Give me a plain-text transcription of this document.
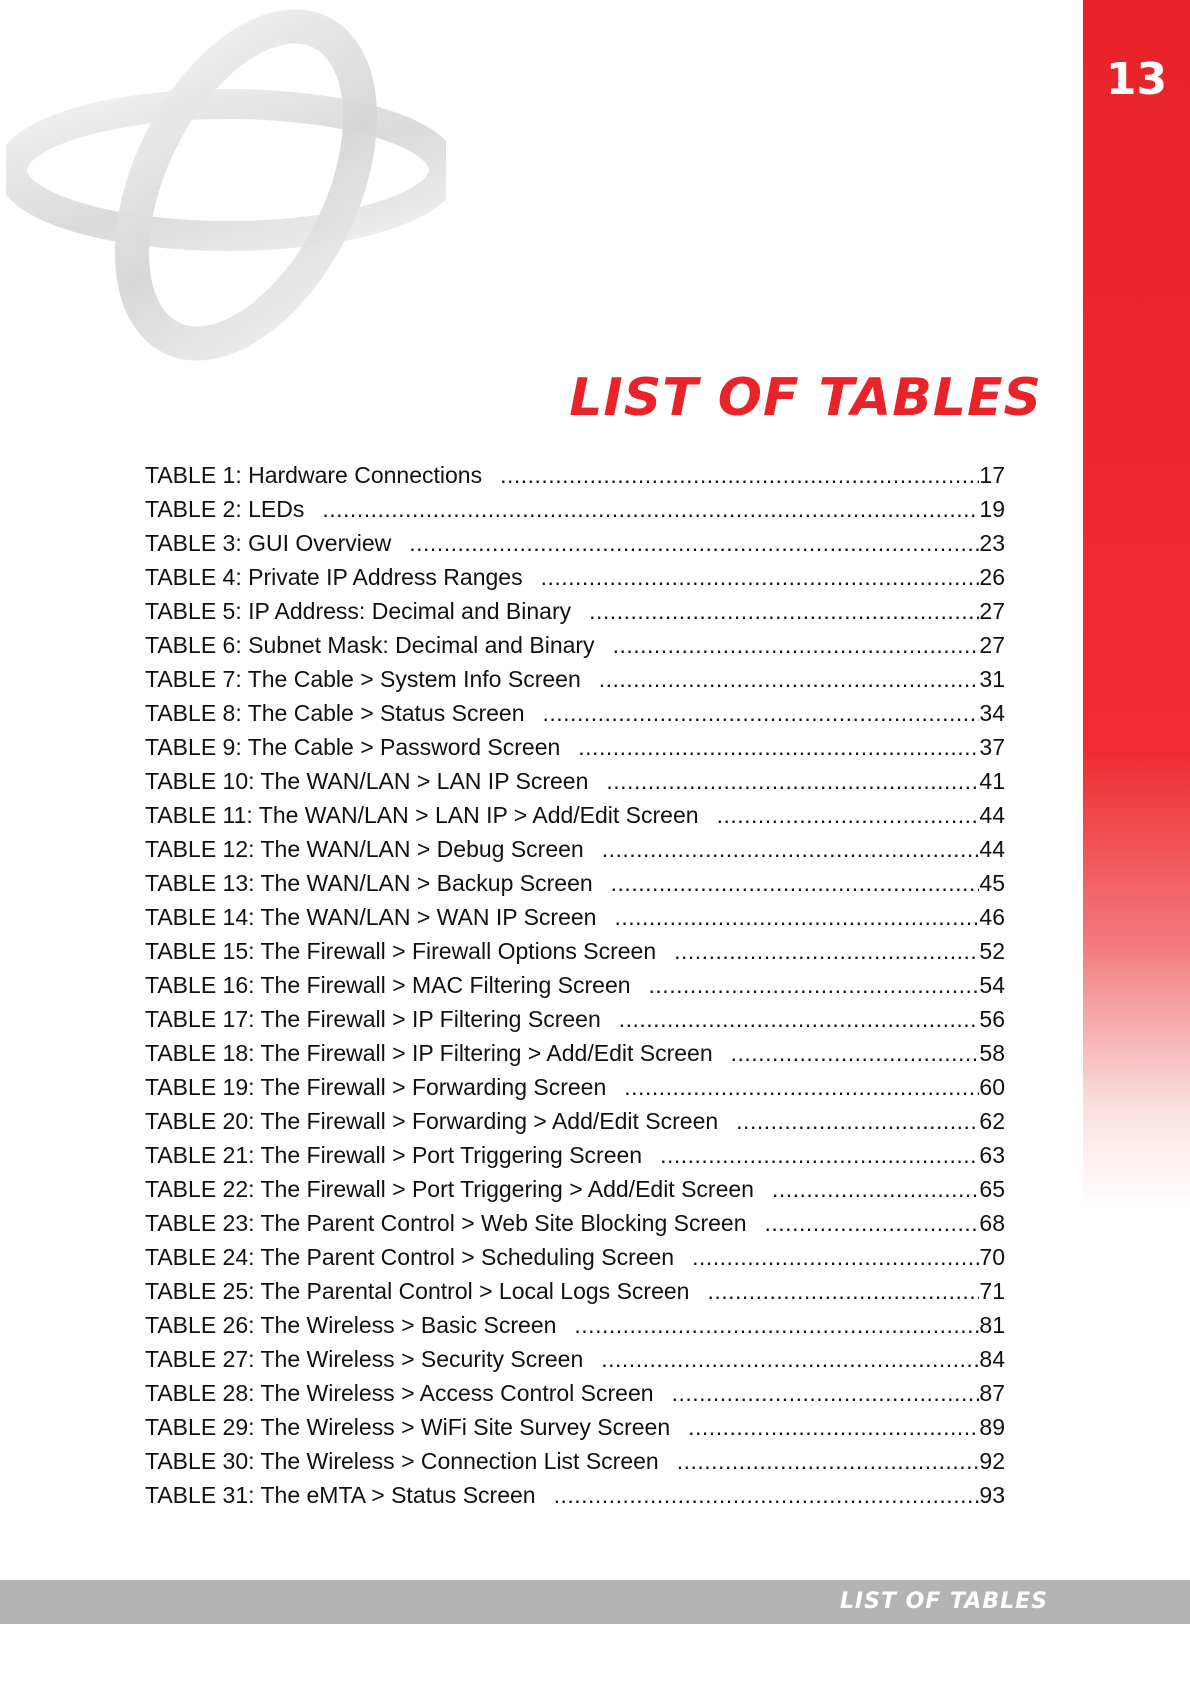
13
LIST OF TABLES
TABLE 1: Hardware Connections .....	17
TABLE 2: LEDs .....	19
TABLE 3: GUI Overview .....	23
TABLE 4: Private IP Address Ranges .....	26
TABLE 5: IP Address: Decimal and Binary .....	27
TABLE 6: Subnet Mask: Decimal and Binary .....	27
TABLE 7: The Cable > System Info Screen .....	31
TABLE 8: The Cable > Status Screen .....	34
TABLE 9: The Cable > Password Screen .....	37
TABLE 10: The WAN/LAN > LAN IP Screen .....	41
TABLE 11: The WAN/LAN > LAN IP > Add/Edit Screen .....	44
TABLE 12: The WAN/LAN > Debug Screen .....	44
TABLE 13: The WAN/LAN > Backup Screen .....	45
TABLE 14: The WAN/LAN > WAN IP Screen .....	46
TABLE 15: The Firewall > Firewall Options Screen .....	52
TABLE 16: The Firewall > MAC Filtering Screen .....	54
TABLE 17: The Firewall > IP Filtering Screen .....	56
TABLE 18: The Firewall > IP Filtering > Add/Edit Screen .....	58
TABLE 19: The Firewall > Forwarding Screen .....	60
TABLE 20: The Firewall > Forwarding > Add/Edit Screen .....	62
TABLE 21: The Firewall > Port Triggering Screen .....	63
TABLE 22: The Firewall > Port Triggering > Add/Edit Screen .....	65
TABLE 23: The Parent Control > Web Site Blocking Screen .....	68
TABLE 24: The Parent Control > Scheduling Screen .....	70
TABLE 25: The Parental Control > Local Logs Screen .....	71
TABLE 26: The Wireless > Basic Screen .....	81
TABLE 27: The Wireless > Security Screen .....	84
TABLE 28: The Wireless > Access Control Screen .....	87
TABLE 29: The Wireless > WiFi Site Survey Screen .....	89
TABLE 30: The Wireless > Connection List Screen .....	92
TABLE 31: The eMTA > Status Screen .....	93
LIST OF TABLES
